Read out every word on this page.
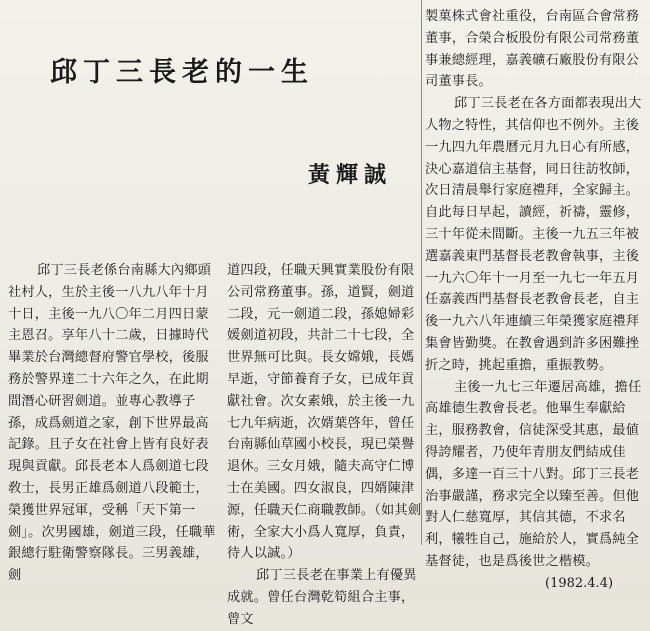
邱丁三長老的一生
黃輝誠

邱丁三長老係台南縣大內鄉頭社村人，生於主後一八九八年十月十日，主後一九八〇年二月四日蒙主恩召。享年八十二歲，日據時代畢業於台灣總督府警官學校，後服務於警界達二十六年之久，在此期間潛心研習劍道。並專心教導子孫，成爲劍道之家，創下世界最高記錄。且子女在社會上皆有良好表現與貢獻。邱長老本人爲劍道七段敎士，長男正雄爲劍道八段範士，榮獲世界冠軍，受稱「天下第一劍」。次男國雄，劍道三段，任職華銀總行駐衛警察隊長。三男義雄，劍

道四段，任職天興實業股份有限公司常務董事。孫，道賢，劍道二段，元一劍道二段，孫媳婦彩媛劍道初段，共計二十七段，全世界無可比與。長女嫦娥，長媽早逝，守節養育子女，已成年貢獻社會。次女素娥，於主後一九七九年病逝，次婿葉啓年，曾任台南縣仙草國小校長，現已榮譽退休。三女月娥，隨夫高守仁博士在美國。四女淑良，四婿陳津源，任職天仁商職教師。（如其劍術，全家大小爲人寬厚，負責，待人以誠。）

邱丁三長老在事業上有優異成就。曾任台灣乾筍組合主事，曾文

製菓株式會社重役，台南區合會常務董事，合榮合板股份有限公司常務董事兼總經理，嘉義礦石廠股份有限公司董事長。

邱丁三長老在各方面都表現出大人物之特性，其信仰也不例外。主後一九四九年農曆元月九日心有所感，決心嘉道信主基督，同日往訪牧師，次日清晨舉行家庭禮拜，全家歸主。自此每日早起，讀經，祈禱，靈修，三十年從未間斷。主後一九五三年被選嘉義東門基督長老教會執事，主後一九六〇年十一月至一九七一年五月任嘉義西門基督長老教會長老，自主後一九六八年連續三年榮獲家庭禮拜集會皆勤獎。在教會遇到許多困難挫折之時，挑起重擔，重振教勢。

主後一九七三年遷居高雄，擔任高雄德生教會長老。他畢生奉獻給主，服務教會，信徒深受其惠，最値得誇耀者，乃使年青朋友們結成佳偶，多達一百三十八對。邱丁三長老治事嚴謹，務求完全以臻至善。但他對人仁慈寬厚，其信其德，不求名利，犧牲自己，施給於人，實爲純全基督徒，也是爲後世之楷模。

(1982.4.4)
